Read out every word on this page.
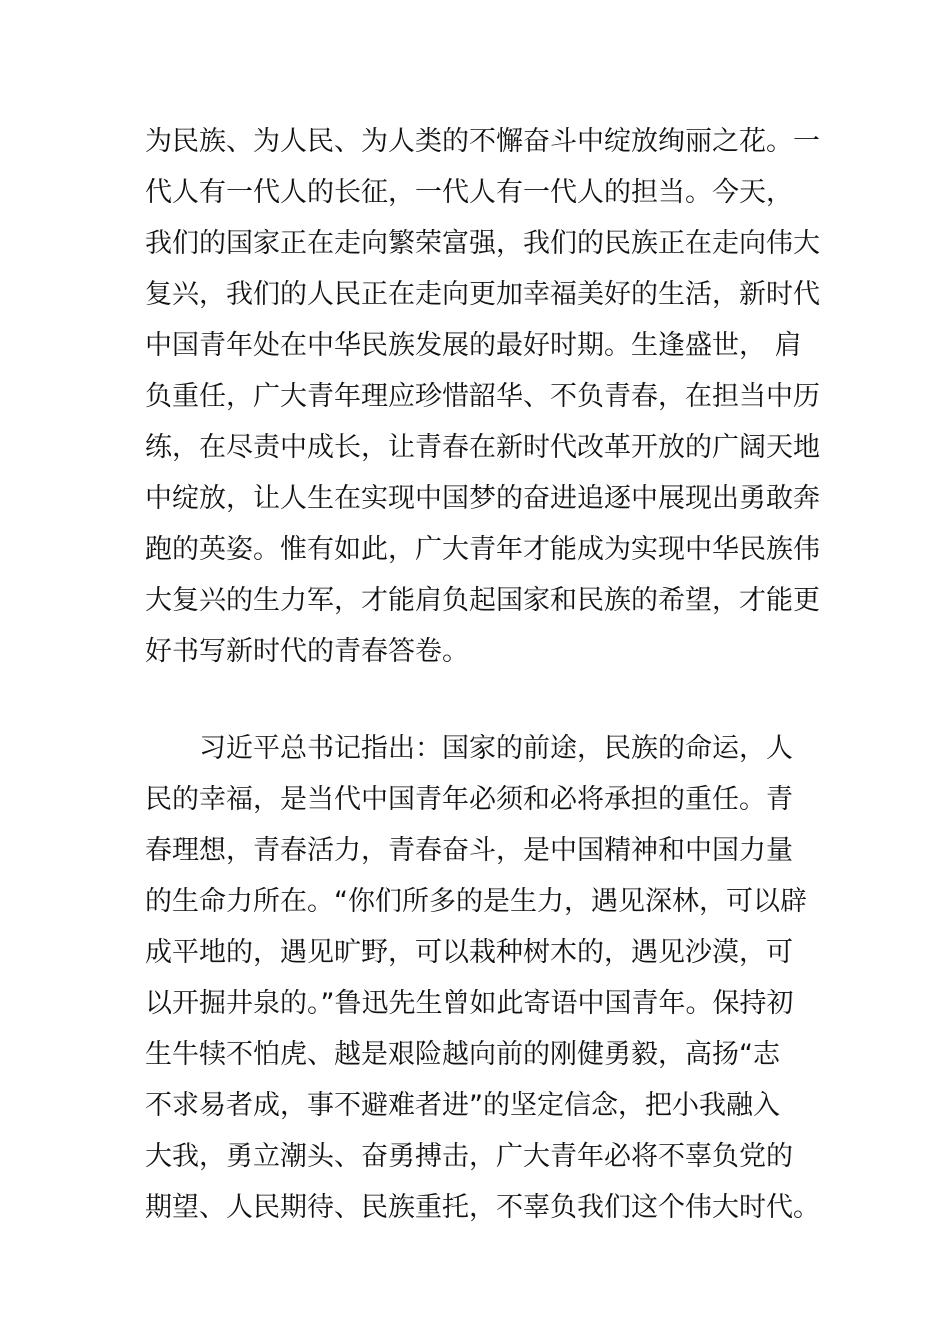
为民族、为人民、为人类的不懈奋斗中绽放绚丽之花。一
代人有一代人的长征，一代人有一代人的担当。今天，
我们的国家正在走向繁荣富强，我们的民族正在走向伟大
复兴，我们的人民正在走向更加幸福美好的生活，新时代
中国青年处在中华民族发展的最好时期。生逢盛世， 肩
负重任，广大青年理应珍惜韶华、不负青春，在担当中历
练，在尽责中成长，让青春在新时代改革开放的广阔天地
中绽放，让人生在实现中国梦的奋进追逐中展现出勇敢奔
跑的英姿。惟有如此，广大青年才能成为实现中华民族伟
大复兴的生力军，才能肩负起国家和民族的希望，才能更
好书写新时代的青春答卷。
习近平总书记指出：国家的前途，民族的命运，人
民的幸福，是当代中国青年必须和必将承担的重任。青
春理想，青春活力，青春奋斗，是中国精神和中国力量
的生命力所在。“你们所多的是生力，遇见深林，可以辟
成平地的，遇见旷野，可以栽种树木的，遇见沙漠，可
以开掘井泉的。”鲁迅先生曾如此寄语中国青年。保持初
生牛犊不怕虎、越是艰险越向前的刚健勇毅，高扬“志
不求易者成，事不避难者进”的坚定信念，把小我融入
大我，勇立潮头、奋勇搏击，广大青年必将不辜负党的
期望、人民期待、民族重托，不辜负我们这个伟大时代。
